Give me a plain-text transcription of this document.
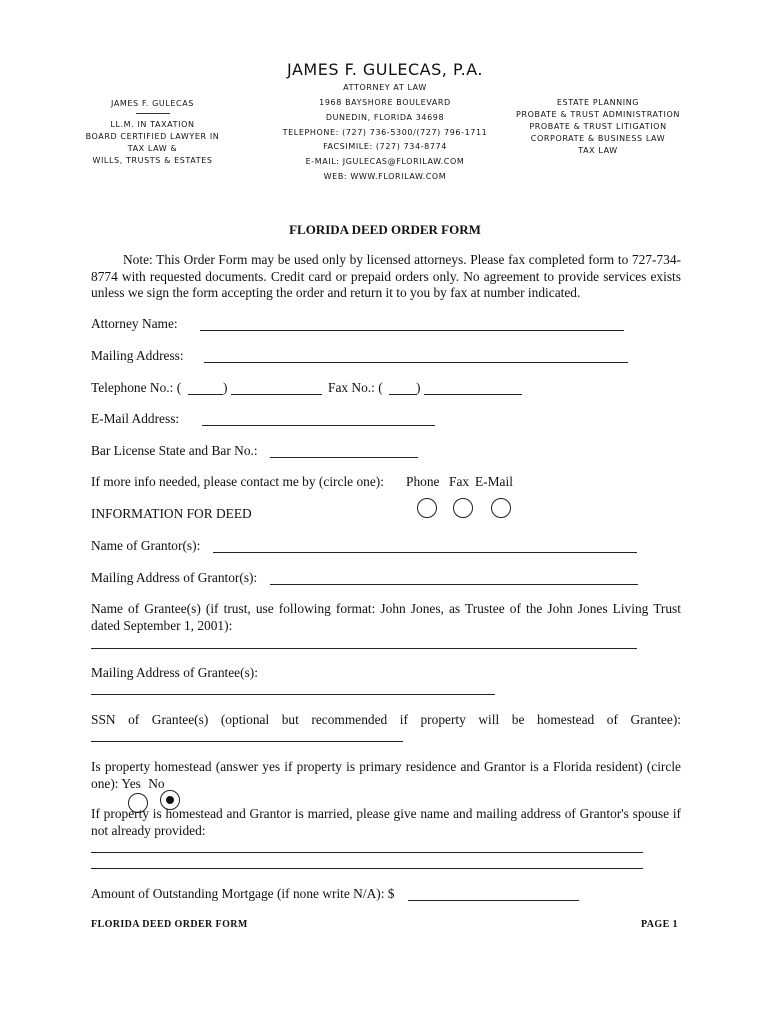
JAMES F. GULECAS, P.A.
ATTORNEY AT LAW
1968 BAYSHORE BOULEVARD
DUNEDIN, FLORIDA 34698
TELEPHONE: (727) 736-5300/(727) 796-1711
FACSIMILE: (727) 734-8774
E-MAIL: JGULECAS@FLORILAW.COM
WEB: WWW.FLORILAW.COM
JAMES F. GULECAS
LL.M. IN TAXATION
BOARD CERTIFIED LAWYER IN
TAX LAW &
WILLS, TRUSTS & ESTATES
ESTATE PLANNING
PROBATE & TRUST ADMINISTRATION
PROBATE & TRUST LITIGATION
CORPORATE & BUSINESS LAW
TAX LAW
FLORIDA DEED ORDER FORM

Note: This Order Form may be used only by licensed attorneys. Please fax completed form to 727-734-8774 with requested documents. Credit card or prepaid orders only. No agreement to provide services exists unless we sign the form accepting the order and return it to you by fax at number indicated.

Attorney Name:
Mailing Address:
Telephone No.: (	)	Fax No.: ( )
E-Mail Address:
Bar License State and Bar No.:
If more info needed, please contact me by (circle one): Phone Fax E-Mail
INFORMATION FOR DEED
Name of Grantor(s):
Mailing Address of Grantor(s):
Name of Grantee(s) (if trust, use following format: John Jones, as Trustee of the John Jones Living Trust dated September 1, 2001):
Mailing Address of Grantee(s):
SSN of Grantee(s) (optional but recommended if property will be homestead of Grantee):
Is property homestead (answer yes if property is primary residence and Grantor is a Florida resident) (circle one): Yes No
If property is homestead and Grantor is married, please give name and mailing address of Grantor's spouse if not already provided:
Amount of Outstanding Mortgage (if none write N/A): $
FLORIDA DEED ORDER FORM	PAGE 1
